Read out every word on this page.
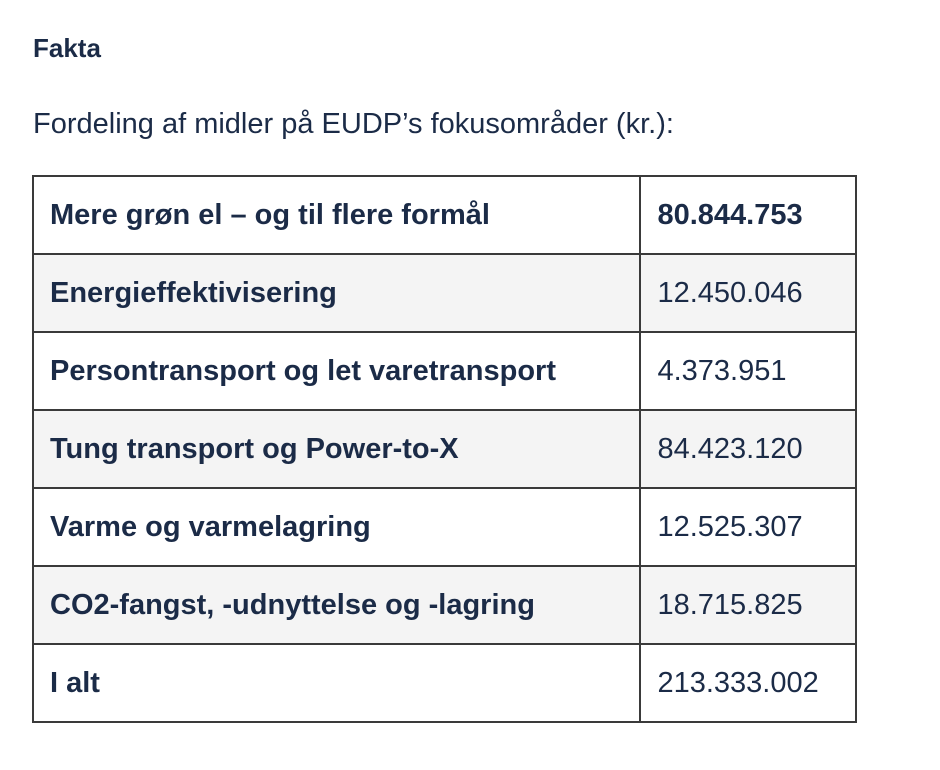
Fakta

Fordeling af midler på EUDP’s fokusområder (kr.):

Mere grøn el – og til flere formål	80.844.753
Energieffektivisering	12.450.046
Persontransport og let varetransport	4.373.951
Tung transport og Power-to-X	84.423.120
Varme og varmelagring	12.525.307
CO2-fangst, -udnyttelse og -lagring	18.715.825
I alt	213.333.002
